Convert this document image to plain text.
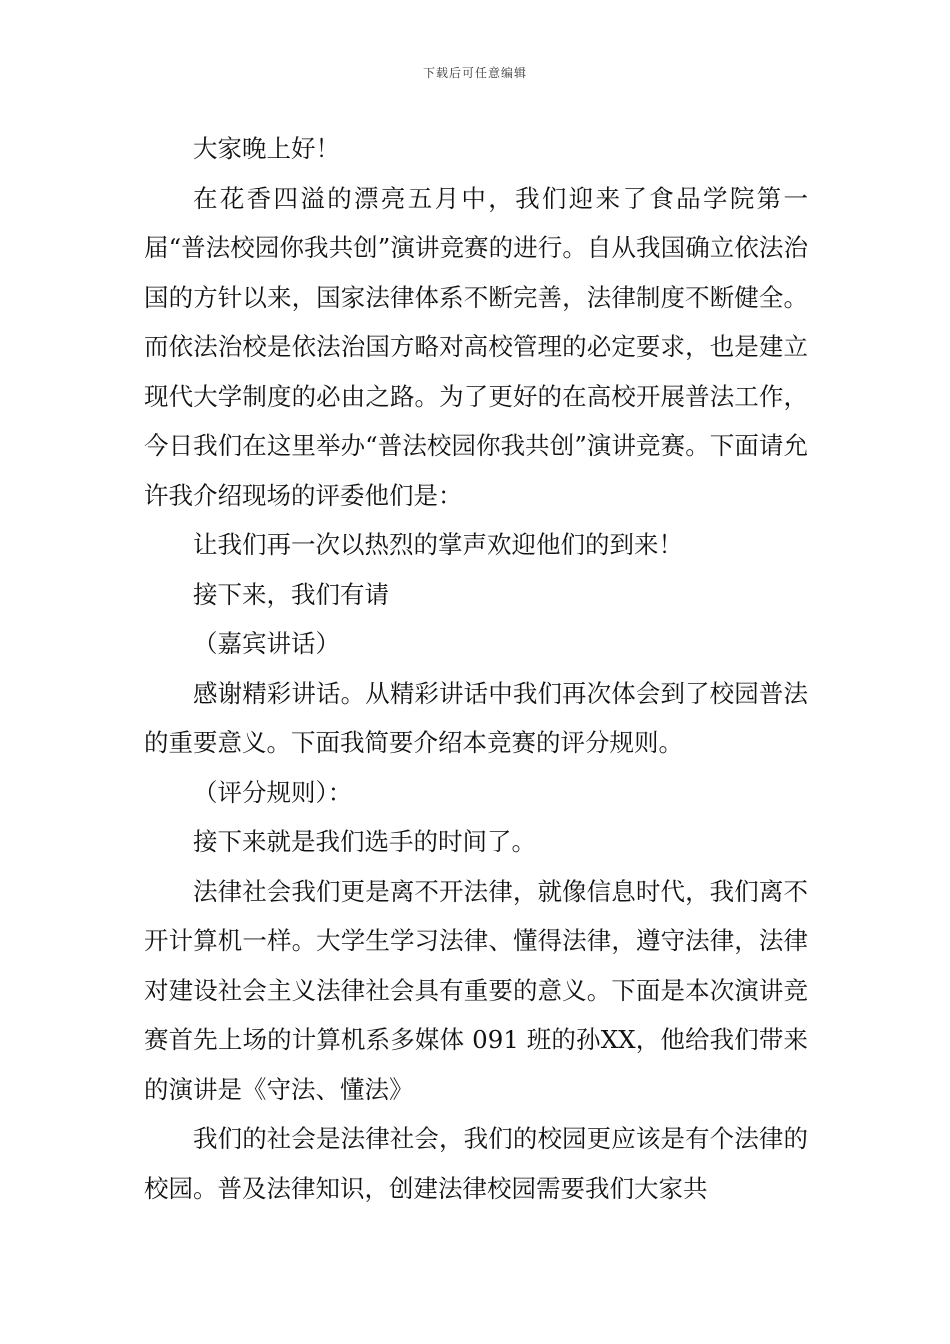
下载后可任意编辑

大家晚上好！

在花香四溢的漂亮五月中，我们迎来了食品学院第一届“普法校园你我共创”演讲竞赛的进行。自从我国确立依法治国的方针以来，国家法律体系不断完善，法律制度不断健全。而依法治校是依法治国方略对高校管理的必定要求，也是建立现代大学制度的必由之路。为了更好的在高校开展普法工作，今日我们在这里举办“普法校园你我共创”演讲竞赛。下面请允许我介绍现场的评委他们是：

让我们再一次以热烈的掌声欢迎他们的到来！

接下来，我们有请

（嘉宾讲话）

感谢精彩讲话。从精彩讲话中我们再次体会到了校园普法的重要意义。下面我简要介绍本竞赛的评分规则。

（评分规则）：

接下来就是我们选手的时间了。

法律社会我们更是离不开法律，就像信息时代，我们离不开计算机一样。大学生学习法律、懂得法律，遵守法律，法律对建设社会主义法律社会具有重要的意义。下面是本次演讲竞赛首先上场的计算机系多媒体 091 班的孙XX，他给我们带来的演讲是《守法、懂法》

我们的社会是法律社会，我们的校园更应该是有个法律的校园。普及法律知识，创建法律校园需要我们大家共
